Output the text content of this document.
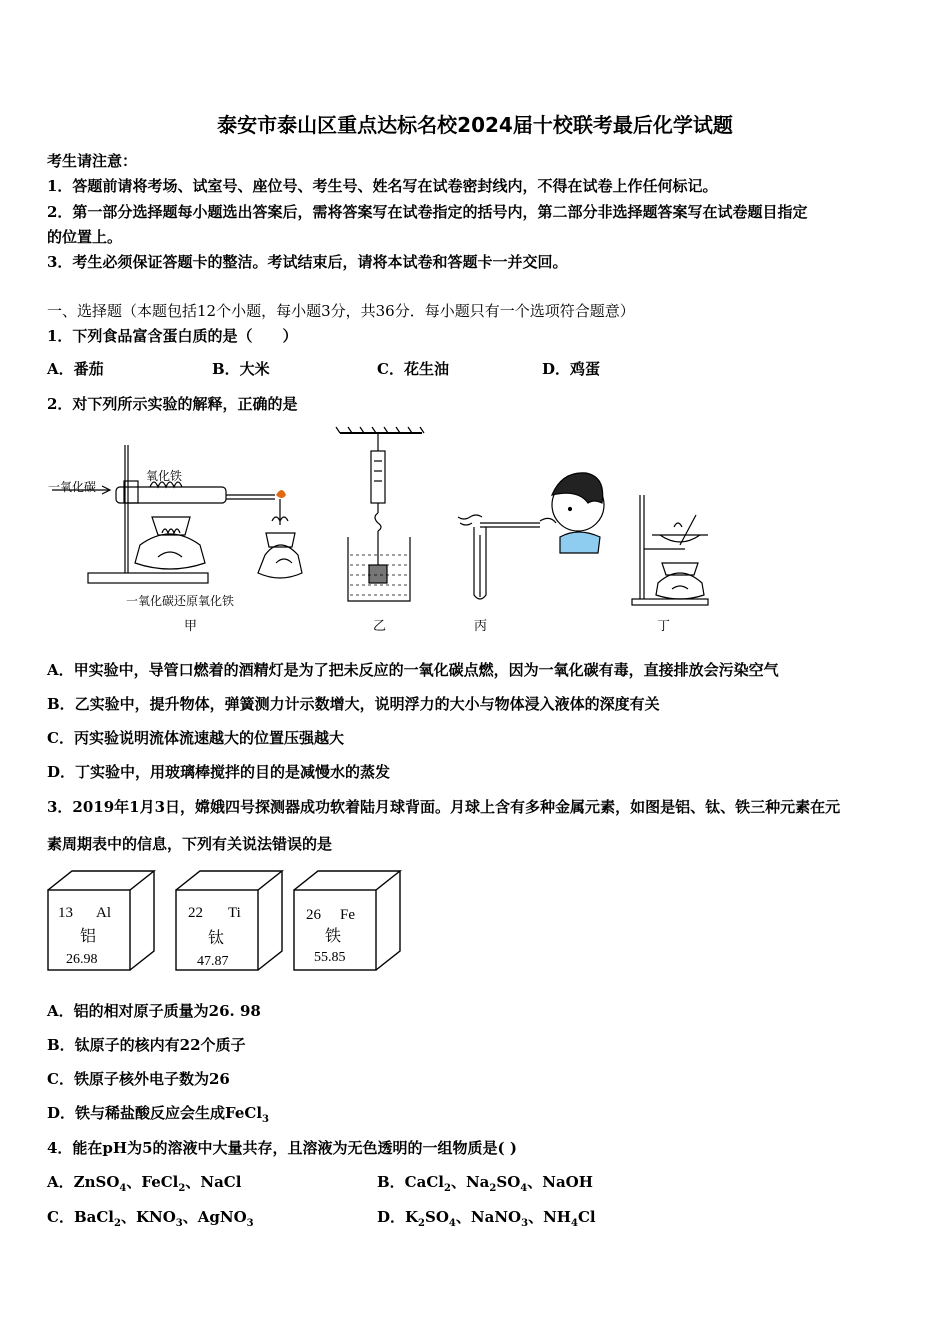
泰安市泰山区重点达标名校2024届十校联考最后化学试题
考生请注意：
1．答题前请将考场、试室号、座位号、考生号、姓名写在试卷密封线内，不得在试卷上作任何标记。
2．第一部分选择题每小题选出答案后，需将答案写在试卷指定的括号内，第二部分非选择题答案写在试卷题目指定
的位置上。
3．考生必须保证答题卡的整洁。考试结束后，请将本试卷和答题卡一并交回。
一、选择题（本题包括12个小题，每小题3分，共36分．每小题只有一个选项符合题意）
1．下列食品富含蛋白质的是（　　）
A．番茄	B．大米	C．花生油	D．鸡蛋
2．对下列所示实验的解释，正确的是
一氧化碳
氧化铁
一氧化碳还原氧化铁
甲	乙	丙	丁
A．甲实验中，导管口燃着的酒精灯是为了把未反应的一氧化碳点燃，因为一氧化碳有毒，直接排放会污染空气
B．乙实验中，提升物体，弹簧测力计示数增大，说明浮力的大小与物体浸入液体的深度有关
C．丙实验说明流体流速越大的位置压强越大
D．丁实验中，用玻璃棒搅拌的目的是减慢水的蒸发
3．2019年1月3日，嫦娥四号探测器成功软着陆月球背面。月球上含有多种金属元素，如图是铝、钛、铁三种元素在元
素周期表中的信息，下列有关说法错误的是
13 Al
铝
26.98
22 Ti
钛
47.87
26 Fe
铁
55.85
A．铝的相对原子质量为26. 98
B．钛原子的核内有22个质子
C．铁原子核外电子数为26
D．铁与稀盐酸反应会生成FeCl$_3$
4．能在pH为5的溶液中大量共存，且溶液为无色透明的一组物质是( )
A．ZnSO$_4$、FeCl$_2$、NaCl	B．CaCl$_2$、$Na_2SO_4$、NaOH
C．BaCl$_2$、$KNO_3$、AgNO$_3$	D．$K_2SO_4$、NaNO$_3$、$NH_4Cl$
